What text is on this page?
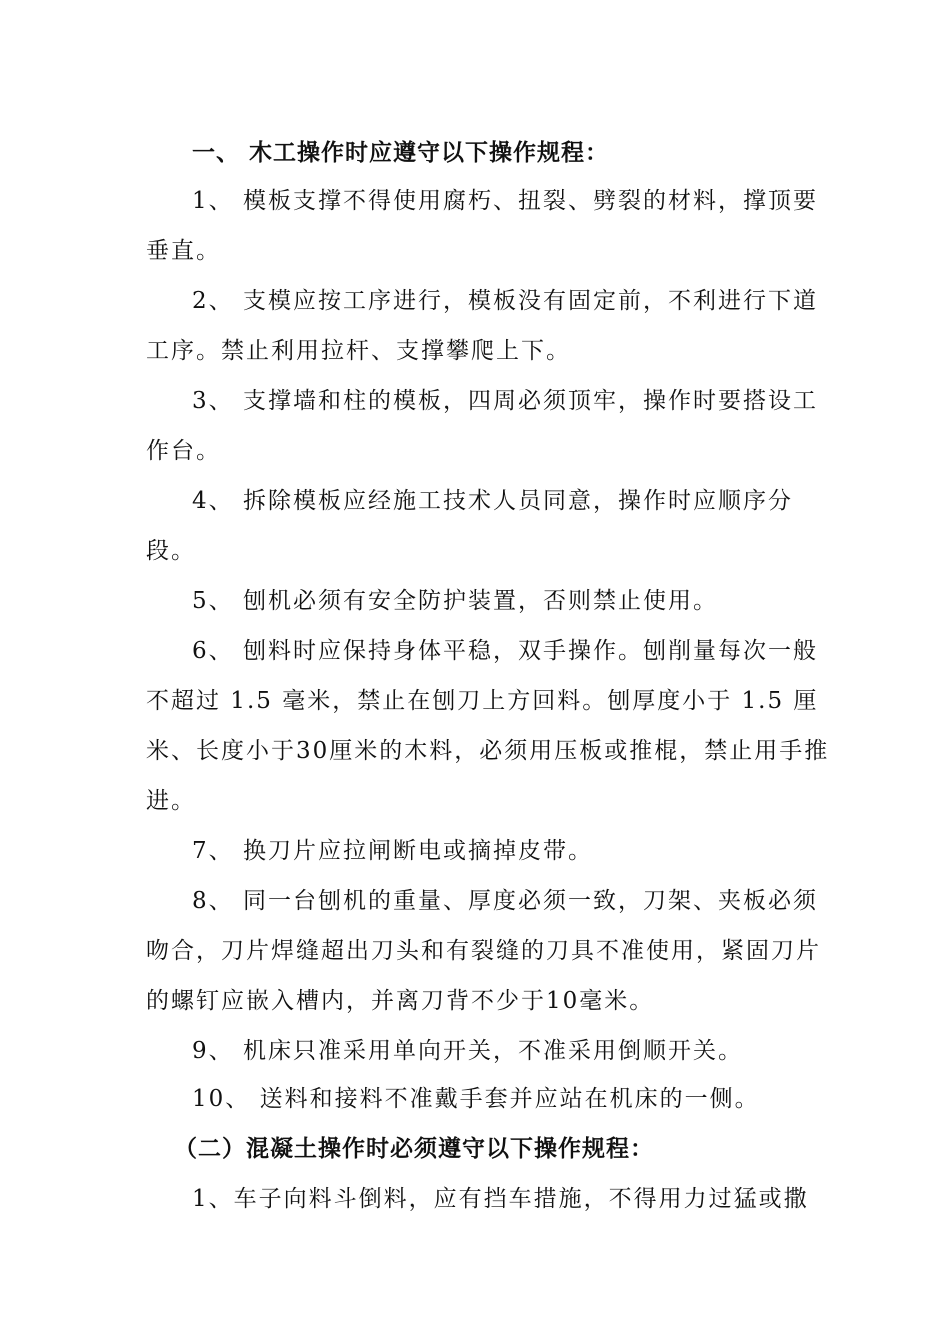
一、 木工操作时应遵守以下操作规程：
1、 模板支撑不得使用腐朽、扭裂、劈裂的材料，撑顶要
垂直。
2、 支模应按工序进行，模板没有固定前，不利进行下道
工序。禁止利用拉杆、支撑攀爬上下。
3、 支撑墙和柱的模板，四周必须顶牢，操作时要搭设工
作台。
4、 拆除模板应经施工技术人员同意，操作时应顺序分
段。
5、 刨机必须有安全防护装置，否则禁止使用。
6、 刨料时应保持身体平稳，双手操作。刨削量每次一般
不超过 1.5 毫米，禁止在刨刀上方回料。刨厚度小于 1.5 厘
米、长度小于30厘米的木料，必须用压板或推棍，禁止用手推
进。
7、 换刀片应拉闸断电或摘掉皮带。
8、 同一台刨机的重量、厚度必须一致，刀架、夹板必须
吻合，刀片焊缝超出刀头和有裂缝的刀具不准使用，紧固刀片
的螺钉应嵌入槽内，并离刀背不少于10毫米。
9、 机床只准采用单向开关，不准采用倒顺开关。
10、 送料和接料不准戴手套并应站在机床的一侧。
（二）混凝土操作时必须遵守以下操作规程：
1、车子向料斗倒料，应有挡车措施，不得用力过猛或撒
